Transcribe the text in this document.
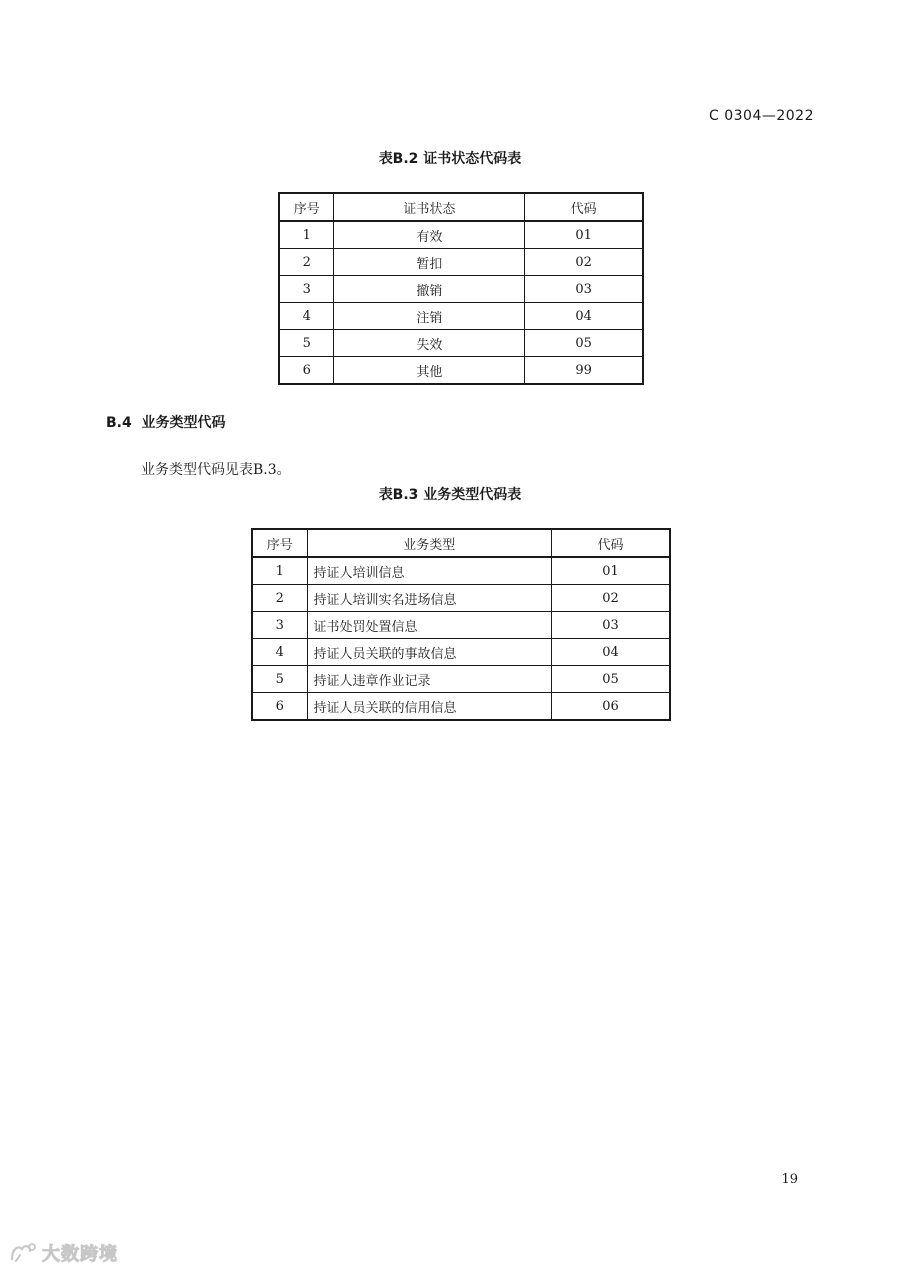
C 0304—2022
表B.2 证书状态代码表
序号	证书状态	代码
1	有效	01
2	暂扣	02
3	撤销	03
4	注销	04
5	失效	05
6	其他	99
B.4  业务类型代码
业务类型代码见表B.3。
表B.3 业务类型代码表
序号	业务类型	代码
1	持证人培训信息	01
2	持证人培训实名进场信息	02
3	证书处罚处置信息	03
4	持证人员关联的事故信息	04
5	持证人违章作业记录	05
6	持证人员关联的信用信息	06
19
大数跨境
